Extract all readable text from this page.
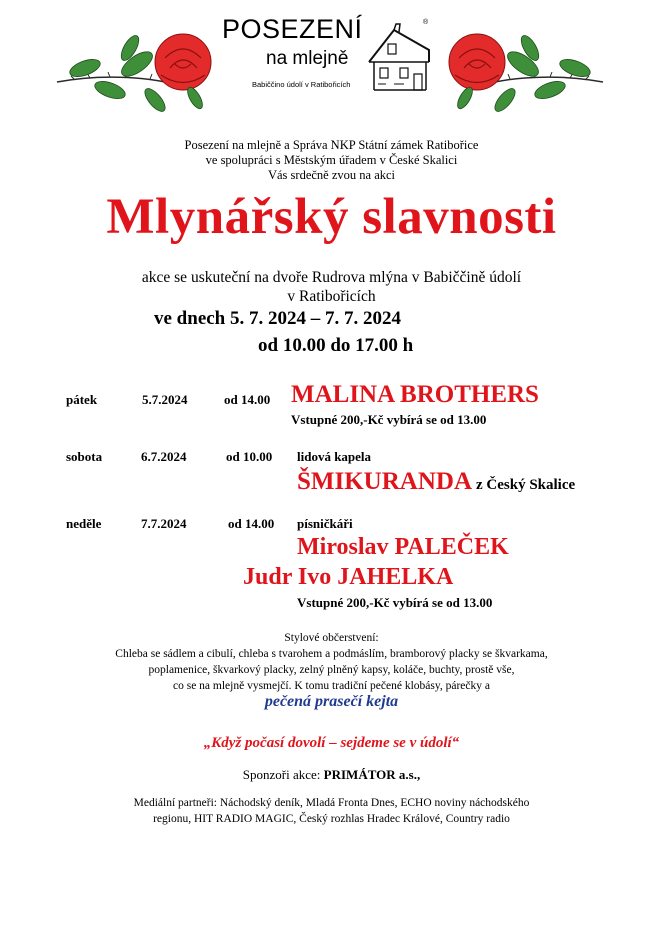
POSEZENÍ	®
na mlejně
Babiččino údolí v Ratibořicích
Posezení na mlejně a Správa NKP Státní zámek Ratibořice
ve spolupráci s Městským úřadem v České Skalici
Vás srdečně zvou na akci
Mlynářský slavnosti
akce se uskuteční na dvoře Rudrova mlýna v Babiččině údolí
v Ratibořicích
ve dnech 5. 7. 2024 – 7. 7. 2024
od 10.00 do 17.00 h
pátek	5.7.2024	od 14.00 MALINA BROTHERS
Vstupné 200,-Kč vybírá se od 13.00
sobota	6.7.2024	od 10.00 lidová kapela
ŠMIKURANDA z Český Skalice
neděle	7.7.2024	od 14.00 písničkáři
Miroslav PALEČEK
Judr Ivo JAHELKA
Vstupné 200,-Kč vybírá se od 13.00
Stylové občerstvení:
Chleba se sádlem a cibulí, chleba s tvarohem a podmáslím, bramborový placky se škvarkama,
poplamenice, škvarkový placky, zelný plněný kapsy, koláče, buchty, prostě vše,
co se na mlejně vysmejčí. K tomu tradiční pečené klobásy, párečky a
pečená prasečí kejta
„Když počasí dovolí – sejdeme se v údolí“
Sponzoři akce: PRIMÁTOR a.s.,
Mediální partneři: Náchodský deník, Mladá Fronta Dnes, ECHO noviny náchodského
regionu, HIT RADIO MAGIC, Český rozhlas Hradec Králové, Country radio
